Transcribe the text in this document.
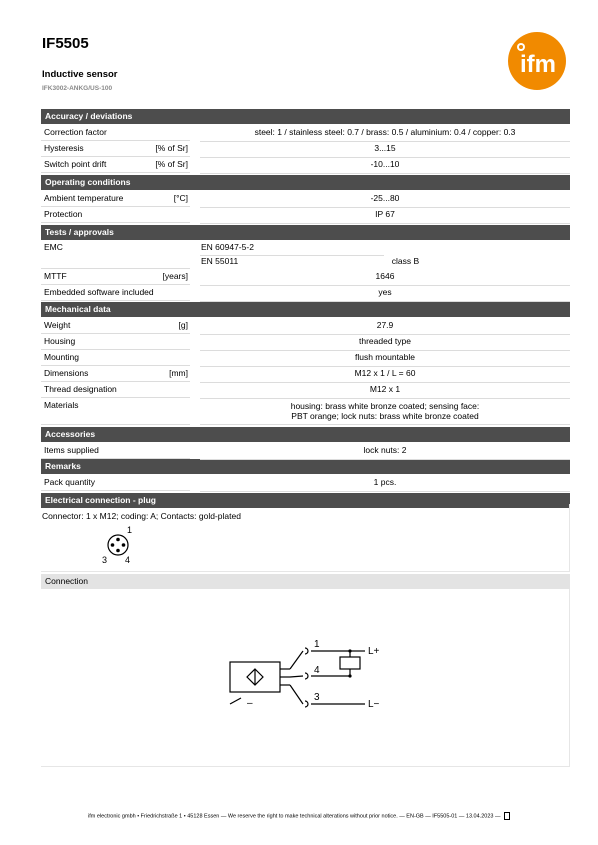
IF5505
Inductive sensor
IFK3002-ANKG/US-100
ifm
Accuracy / deviations
Correction factor	steel: 1 / stainless steel: 0.7 / brass: 0.5 / aluminium: 0.4 / copper: 0.3
Hysteresis	[% of Sr]	3...15
Switch point drift	[% of Sr]	-10...10
Operating conditions
Ambient temperature	[°C]	-25...80
Protection	IP 67
Tests / approvals
EMC	EN 60947-5-2
EN 55011	class B
MTTF	[years]	1646
Embedded software included	yes
Mechanical data
Weight	[g]	27.9
Housing	threaded type
Mounting	flush mountable
Dimensions	[mm]	M12 x 1 / L = 60
Thread designation	M12 x 1
Materials	housing: brass white bronze coated; sensing face:
PBT orange; lock nuts: brass white bronze coated
Accessories
Items supplied	lock nuts: 2
Remarks
Pack quantity	1 pcs.
Electrical connection - plug
Connector: 1 x M12; coding: A; Contacts: gold-plated
1
3 4
Connection
1
4
3
L+
L−
–
ifm electronic gmbh • Friedrichstraße 1 • 45128 Essen — We reserve the right to make technical alterations without prior notice. — EN-GB — IF5505-01 — 13.04.2023 —
